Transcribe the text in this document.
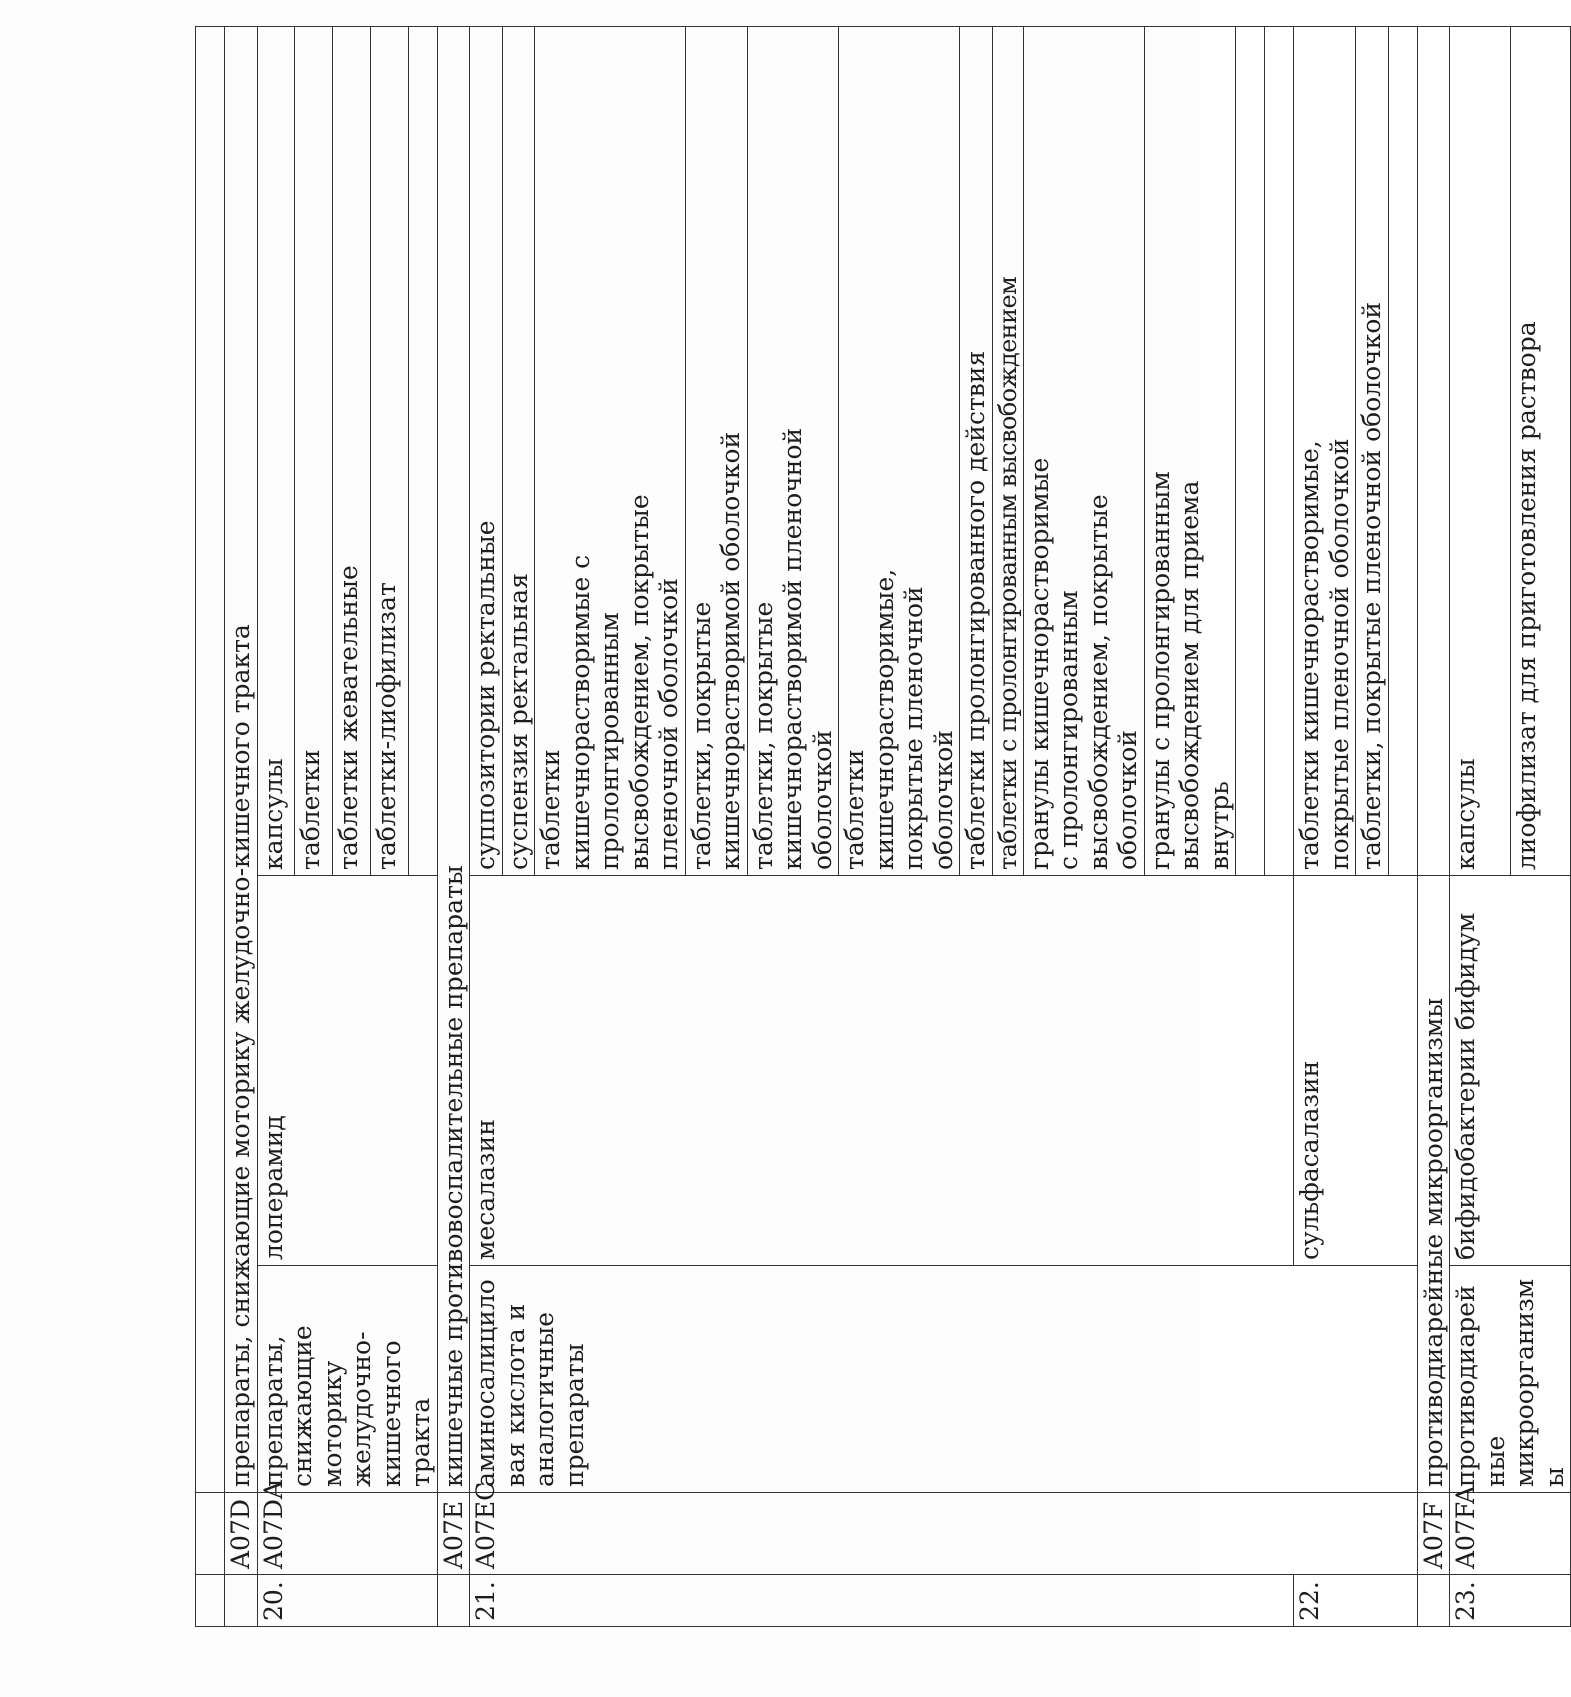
	A07D	препараты, снижающие моторику желудочно-кишечного тракта		
20.	A07DA	препараты, снижающие моторику желудочно-кишечного тракта	лоперамид	капсулы
				таблетки
				таблетки жевательные
				таблетки-лиофилизат

	A07E	кишечные противовоспалительные препараты		
21.	A07EC	аминосалициловая кислота и аналогичные препараты	месалазин	суппозитории ректальные
				суспензия ректальная

				таблетки кишечнорастворимые с пролонгированным высвобождением, покрытые пленочной оболочкой

				таблетки, покрытые кишечнорастворимой оболочкой

				таблетки, покрытые кишечнорастворимой пленочной оболочкой

				таблетки кишечнорастворимые, покрытые пленочной оболочкой

				таблетки пролонгированного действия
				таблетки с пролонгированным высвобождением

				гранулы кишечнорастворимые с пролонгированным высвобождением, покрытые оболочкой

				гранулы с пролонгированным высвобождением для приема внутрь

22.			сульфасалазин	таблетки кишечнорастворимые, покрытые пленочной оболочкой

				таблетки, покрытые пленочной оболочкой

	A07F	противодиарейные микроорганизмы		
23.	A07FA	противодиарейные микроорганизмы	бифидобактерии бифидум	капсулы
				лиофилизат для приготовления раствора
